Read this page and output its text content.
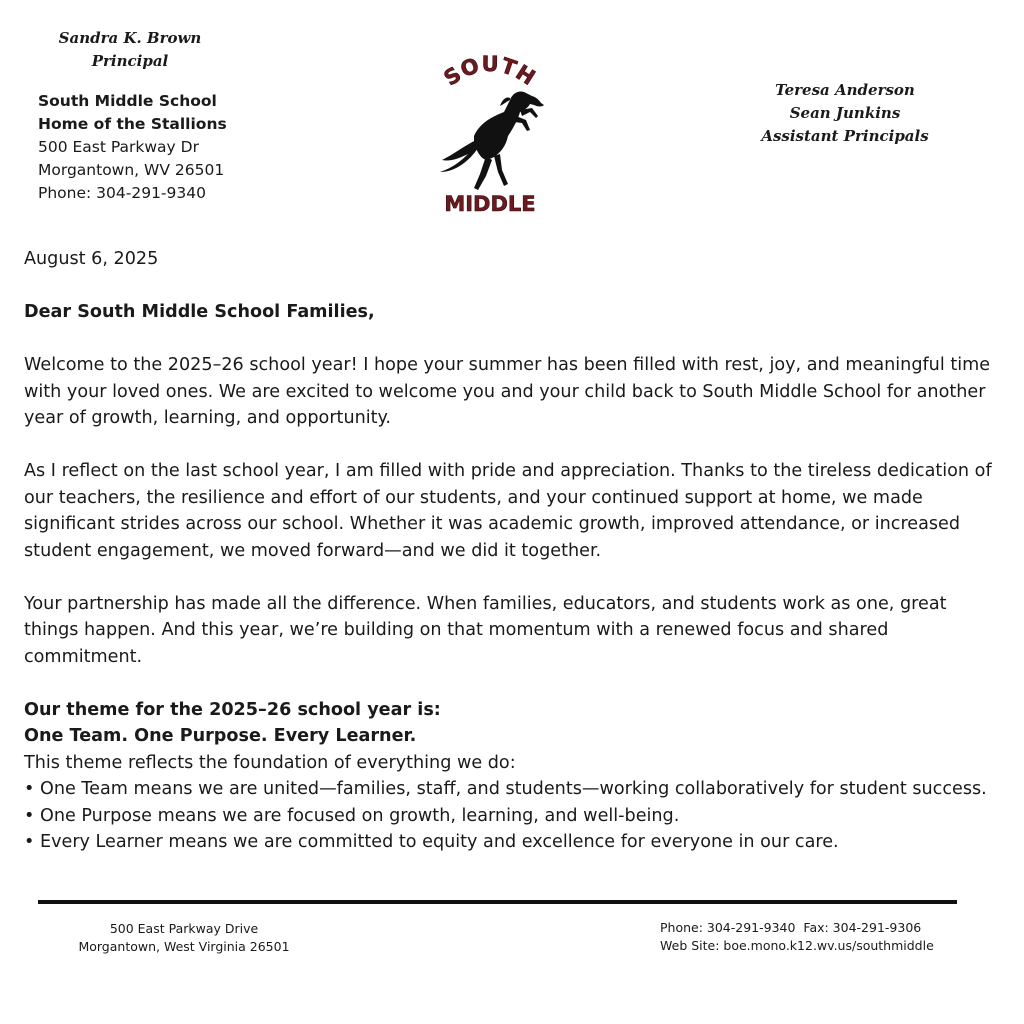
Sandra K. Brown
Principal
South Middle School
Home of the Stallions
500 East Parkway Dr
Morgantown, WV 26501
Phone: 304-291-9340
SOUTH
MIDDLE
Teresa Anderson
Sean Junkins
Assistant Principals

August 6, 2025

Dear South Middle School Families,

Welcome to the 2025–26 school year! I hope your summer has been filled with rest, joy, and meaningful time with your loved ones. We are excited to welcome you and your child back to South Middle School for another year of growth, learning, and opportunity.

As I reflect on the last school year, I am filled with pride and appreciation. Thanks to the tireless dedication of our teachers, the resilience and effort of our students, and your continued support at home, we made significant strides across our school. Whether it was academic growth, improved attendance, or increased student engagement, we moved forward—and we did it together.

Your partnership has made all the difference. When families, educators, and students work as one, great things happen. And this year, we’re building on that momentum with a renewed focus and shared commitment.

Our theme for the 2025–26 school year is:

One Team. One Purpose. Every Learner.

This theme reflects the foundation of everything we do:

• One Team means we are united—families, staff, and students—working collaboratively for student success.

• One Purpose means we are focused on growth, learning, and well-being.

• Every Learner means we are committed to equity and excellence for everyone in our care.

500 East Parkway Drive
Morgantown, West Virginia 26501
Phone: 304-291-9340  Fax: 304-291-9306
Web Site: boe.mono.k12.wv.us/southmiddle
